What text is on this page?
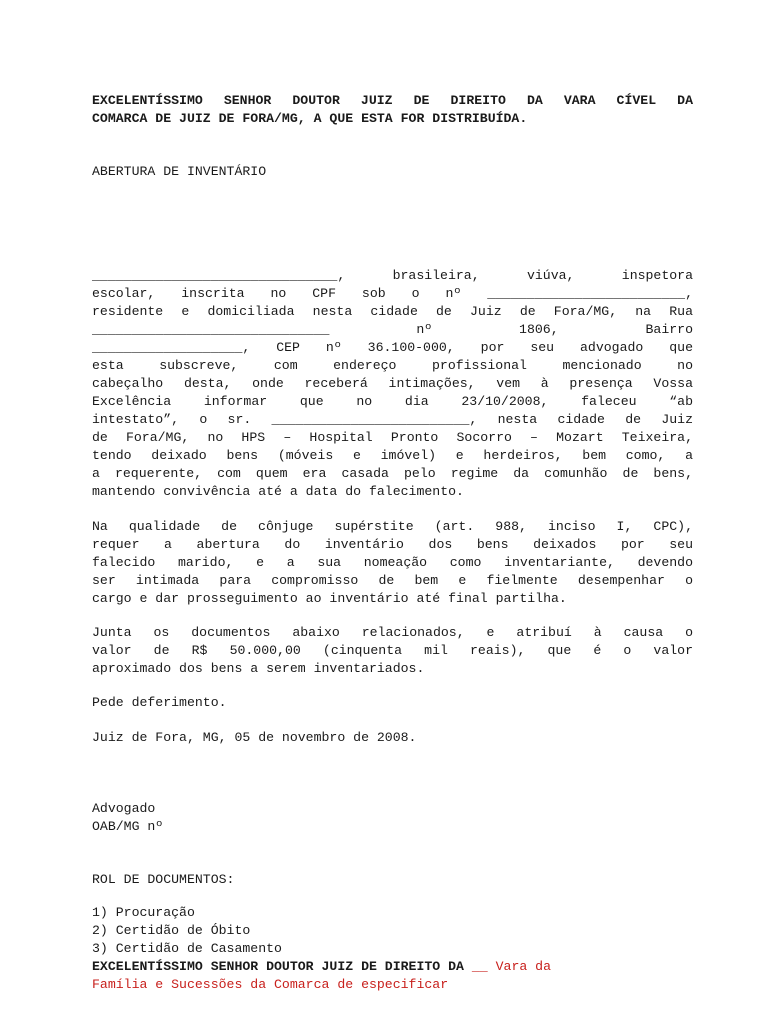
EXCELENTÍSSIMO SENHOR DOUTOR JUIZ DE DIREITO DA VARA CÍVEL DA
COMARCA DE JUIZ DE FORA/MG, A QUE ESTA FOR DISTRIBUÍDA.
ABERTURA DE INVENTÁRIO
_______________________________,  brasileira,  viúva,  inspetora
escolar,  inscrita  no  CPF  sob  o  nº  _________________________,
residente e domiciliada nesta cidade de Juiz de Fora/MG, na Rua
______________________________    nº    1806,    Bairro
___________________, CEP nº 36.100-000, por seu advogado que
esta  subscreve,  com  endereço  profissional  mencionado  no
cabeçalho desta, onde receberá intimações, vem à presença Vossa
Excelência  informar  que  no  dia  23/10/2008,  faleceu  “ab
intestato”, o sr. _________________________, nesta cidade de Juiz
de Fora/MG, no HPS – Hospital Pronto Socorro – Mozart Teixeira,
tendo deixado bens (móveis e imóvel) e herdeiros, bem como, a
a requerente, com quem era casada pelo regime da comunhão de bens,
mantendo convivência até a data do falecimento.
Na qualidade de cônjuge supérstite (art. 988, inciso I, CPC),
requer  a  abertura  do  inventário  dos  bens  deixados  por  seu
falecido marido, e a sua nomeação como inventariante, devendo
ser intimada para compromisso de bem e fielmente desempenhar o
cargo e dar prosseguimento ao inventário até final partilha.
Junta  os  documentos  abaixo  relacionados,  e  atribuí  à  causa  o
valor  de  R$  50.000,00  (cinquenta  mil  reais),  que  é  o  valor
aproximado dos bens a serem inventariados.
Pede deferimento.
Juiz de Fora, MG, 05 de novembro de 2008.
Advogado
OAB/MG nº
ROL DE DOCUMENTOS:
1) Procuração
2) Certidão de Óbito
3) Certidão de Casamento
EXCELENTÍSSIMO SENHOR DOUTOR JUIZ DE DIREITO DA __ Vara da
Família e Sucessões da Comarca de especificar
